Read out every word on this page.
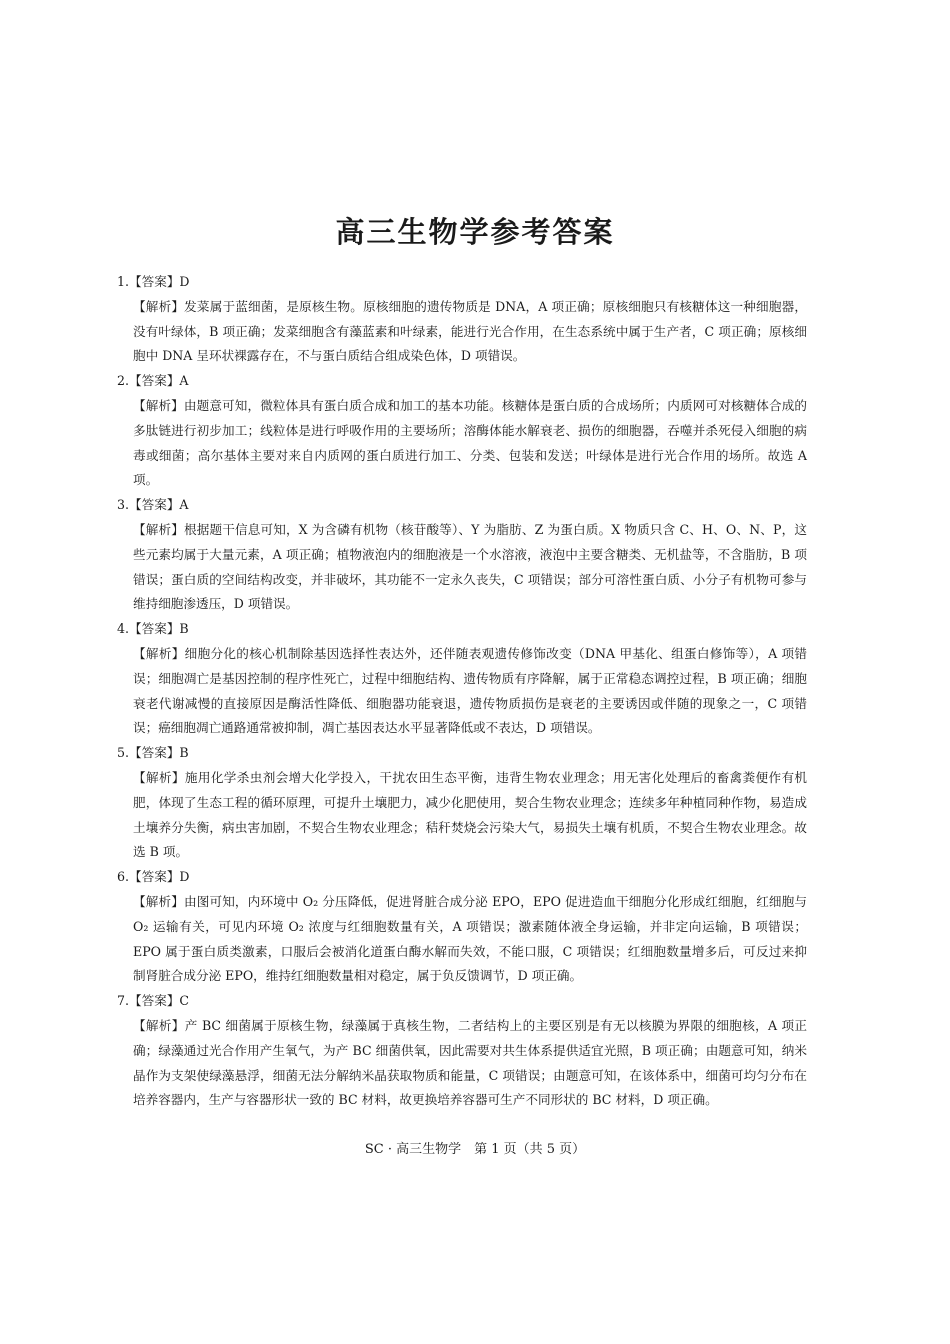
高三生物学参考答案
1.【答案】D
【解析】发菜属于蓝细菌，是原核生物。原核细胞的遗传物质是 DNA，A 项正确；原核细胞只有核糖体这一种细胞器，没有叶绿体，B 项正确；发菜细胞含有藻蓝素和叶绿素，能进行光合作用，在生态系统中属于生产者，C 项正确；原核细胞中 DNA 呈环状裸露存在，不与蛋白质结合组成染色体，D 项错误。
2.【答案】A
【解析】由题意可知，微粒体具有蛋白质合成和加工的基本功能。核糖体是蛋白质的合成场所；内质网可对核糖体合成的多肽链进行初步加工；线粒体是进行呼吸作用的主要场所；溶酶体能水解衰老、损伤的细胞器，吞噬并杀死侵入细胞的病毒或细菌；高尔基体主要对来自内质网的蛋白质进行加工、分类、包装和发送；叶绿体是进行光合作用的场所。故选 A 项。
3.【答案】A
【解析】根据题干信息可知，X 为含磷有机物（核苷酸等）、Y 为脂肪、Z 为蛋白质。X 物质只含 C、H、O、N、P，这些元素均属于大量元素，A 项正确；植物液泡内的细胞液是一个水溶液，液泡中主要含糖类、无机盐等，不含脂肪，B 项错误；蛋白质的空间结构改变，并非破坏，其功能不一定永久丧失，C 项错误；部分可溶性蛋白质、小分子有机物可参与维持细胞渗透压，D 项错误。
4.【答案】B
【解析】细胞分化的核心机制除基因选择性表达外，还伴随表观遗传修饰改变（DNA 甲基化、组蛋白修饰等），A 项错误；细胞凋亡是基因控制的程序性死亡，过程中细胞结构、遗传物质有序降解，属于正常稳态调控过程，B 项正确；细胞衰老代谢减慢的直接原因是酶活性降低、细胞器功能衰退，遗传物质损伤是衰老的主要诱因或伴随的现象之一，C 项错误；癌细胞凋亡通路通常被抑制，凋亡基因表达水平显著降低或不表达，D 项错误。
5.【答案】B
【解析】施用化学杀虫剂会增大化学投入，干扰农田生态平衡，违背生物农业理念；用无害化处理后的畜禽粪便作有机肥，体现了生态工程的循环原理，可提升土壤肥力，减少化肥使用，契合生物农业理念；连续多年种植同种作物，易造成土壤养分失衡，病虫害加剧，不契合生物农业理念；秸秆焚烧会污染大气，易损失土壤有机质，不契合生物农业理念。故选 B 项。
6.【答案】D
【解析】由图可知，内环境中 O₂ 分压降低，促进肾脏合成分泌 EPO，EPO 促进造血干细胞分化形成红细胞，红细胞与 O₂ 运输有关，可见内环境 O₂ 浓度与红细胞数量有关，A 项错误；激素随体液全身运输，并非定向运输，B 项错误；EPO 属于蛋白质类激素，口服后会被消化道蛋白酶水解而失效，不能口服，C 项错误；红细胞数量增多后，可反过来抑制肾脏合成分泌 EPO，维持红细胞数量相对稳定，属于负反馈调节，D 项正确。
7.【答案】C
【解析】产 BC 细菌属于原核生物，绿藻属于真核生物，二者结构上的主要区别是有无以核膜为界限的细胞核，A 项正确；绿藻通过光合作用产生氧气，为产 BC 细菌供氧，因此需要对共生体系提供适宜光照，B 项正确；由题意可知，纳米晶作为支架使绿藻悬浮，细菌无法分解纳米晶获取物质和能量，C 项错误；由题意可知，在该体系中，细菌可均匀分布在培养容器内，生产与容器形状一致的 BC 材料，故更换培养容器可生产不同形状的 BC 材料，D 项正确。
SC · 高三生物学　第 1 页（共 5 页）
